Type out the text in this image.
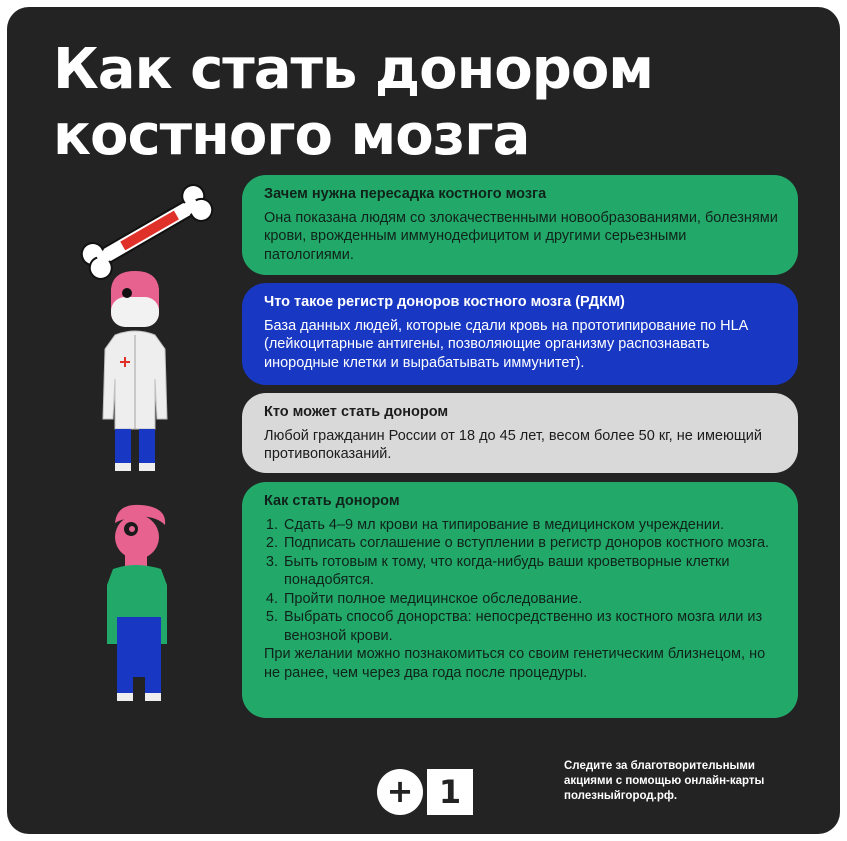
Как стать донором
костного мозга
Зачем нужна пересадка костного мозга

Она показана людям со злокачественными новообразованиями, болезнями крови, врожденным иммунодефицитом и другими серьезными патологиями.

Что такое регистр доноров костного мозга (РДКМ)

База данных людей, которые сдали кровь на прототипирование по HLA (лейкоцитарные антигены, позволяющие организму распознавать инородные клетки и вырабатывать иммунитет).

Кто может стать донором

Любой гражданин России от 18 до 45 лет, весом более 50 кг, не имеющий противопоказаний.

Как стать донором
1. Сдать 4–9 мл крови на типирование в медицинском учреждении.
2. Подписать соглашение о вступлении в регистр доноров костного мозга.
3. Быть готовым к тому, что когда-нибудь ваши кроветворные клетки понадобятся.
4. Пройти полное медицинское обследование.
5. Выбрать способ донорства: непосредственно из костного мозга или из венозной крови.

При желании можно познакомиться со своим генетическим близнецом, но не ранее, чем через два года после процедуры.

+ 1
Следите за благотворительными акциями с помощью онлайн-карты полезныйгород.рф.
